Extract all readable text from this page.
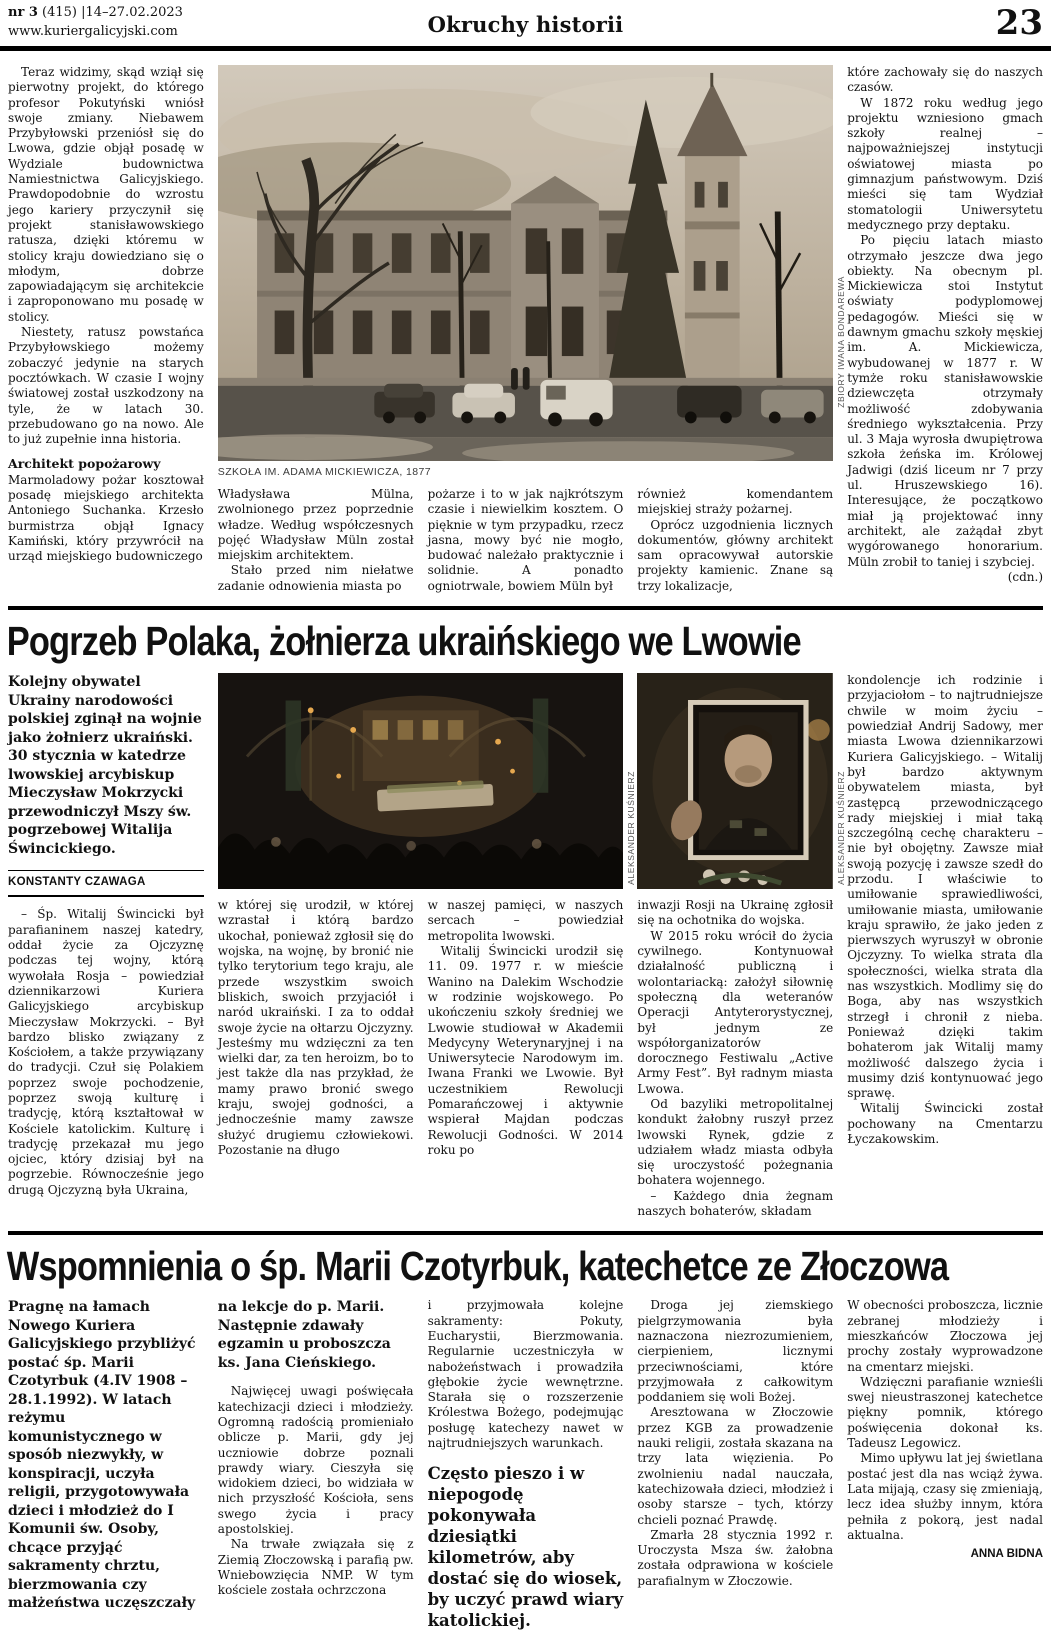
nr 3 (415) |14–27.02.2023
www.kuriergalicyjski.com	Okruchy historii	23

Teraz widzimy, skąd wziął się pierwotny projekt, do którego profesor Pokutyński wniósł swoje zmiany. Niebawem Przybyłowski przeniósł się do Lwowa, gdzie objął posadę w Wydziale budownictwa Namiestnictwa Galicyjskiego. Prawdopodobnie do wzrostu jego kariery przyczynił się projekt stanisławowskiego ratusza, dzięki któremu w stolicy kraju dowiedziano się o młodym, dobrze zapowiadającym się architekcie i zaproponowano mu posadę w stolicy.

Niestety, ratusz powstańca Przybyłowskiego możemy zobaczyć jedynie na starych pocztówkach. W czasie I wojny światowej został uszkodzony na tyle, że w latach 30. przebudowano go na nowo. Ale to już zupełnie inna historia.

Architekt popożarowy

Marmoladowy pożar kosztował posadę miejskiego architekta Antoniego Suchanka. Krzesło burmistrza objął Ignacy Kamiński, który przywrócił na urząd miejskiego budowniczego

ZBIORY IWANA BONDAREWA
SZKOŁA IM. ADAMA MICKIEWICZA, 1877

Władysława Mülna, zwolnionego przez poprzednie władze. Według współczesnych pojęć Władysław Müln został miejskim architektem.

Stało przed nim niełatwe zadanie odnowienia miasta po

pożarze i to w jak najkrótszym czasie i niewielkim kosztem. O pięknie w tym przypadku, rzecz jasna, mowy być nie mogło, budować należało praktycznie i solidnie. A ponadto ogniotrwale, bowiem Müln był

również komendantem miejskiej straży pożarnej.

Oprócz uzgodnienia licznych dokumentów, główny architekt sam opracowywał autorskie projekty kamienic. Znane są trzy lokalizacje,

które zachowały się do naszych czasów.

W 1872 roku według jego projektu wzniesiono gmach szkoły realnej – najpoważniejszej instytucji oświatowej miasta po gimnazjum państwowym. Dziś mieści się tam Wydział stomatologii Uniwersytetu medycznego przy deptaku.

Po pięciu latach miasto otrzymało jeszcze dwa jego obiekty. Na obecnym pl. Mickiewicza stoi Instytut oświaty podyplomowej pedagogów. Mieści się w dawnym gmachu szkoły męskiej im. A. Mickiewicza, wybudowanej w 1877 r. W tymże roku stanisławowskie dziewczęta otrzymały możliwość zdobywania średniego wykształcenia. Przy ul. 3 Maja wyrosła dwupiętrowa szkoła żeńska im. Królowej Jadwigi (dziś liceum nr 7 przy ul. Hruszewskiego 16). Interesujące, że początkowo miał ją projektować inny architekt, ale zażądał zbyt wygórowanego honorarium. Müln zrobił to taniej i szybciej.

(cdn.)

Pogrzeb Polaka, żołnierza ukraińskiego we Lwowie

Kolejny obywatel Ukrainy narodowości polskiej zginął na wojnie jako żołnierz ukraiński. 30 stycznia w katedrze lwowskiej arcybiskup Mieczysław Mokrzycki przewodniczył Mszy św. pogrzebowej Witalija Świncickiego.

KONSTANTY CZAWAGA

– Śp. Witalij Świncicki był parafianinem naszej katedry, oddał życie za Ojczyznę podczas tej wojny, którą wywołała Rosja – powiedział dziennikarzowi Kuriera Galicyjskiego arcybiskup Mieczysław Mokrzycki. – Był bardzo blisko związany z Kościołem, a także przywiązany do tradycji. Czuł się Polakiem poprzez swoje pochodzenie, poprzez swoją kulturę i tradycję, którą kształtował w Kościele katolickim. Kulturę i tradycję przekazał mu jego ojciec, który dzisiaj był na pogrzebie. Równocześnie jego drugą Ojczyzną była Ukraina,

ALEKSANDER KUŚNIERZ	ALEKSANDER KUŚNIERZ

w której się urodził, w której wzrastał i którą bardzo ukochał, ponieważ zgłosił się do wojska, na wojnę, by bronić nie tylko terytorium tego kraju, ale przede wszystkim swoich bliskich, swoich przyjaciół i naród ukraiński. I za to oddał swoje życie na ołtarzu Ojczyzny. Jesteśmy mu wdzięczni za ten wielki dar, za ten heroizm, bo to jest także dla nas przykład, że mamy prawo bronić swego kraju, swojej godności, a jednocześnie mamy zawsze służyć drugiemu człowiekowi. Pozostanie na długo

w naszej pamięci, w naszych sercach – powiedział metropolita lwowski.

Witalij Świncicki urodził się 11. 09. 1977 r. w mieście Wanino na Dalekim Wschodzie w rodzinie wojskowego. Po ukończeniu szkoły średniej we Lwowie studiował w Akademii Medycyny Weterynaryjnej i na Uniwersytecie Narodowym im. Iwana Franki we Lwowie. Był uczestnikiem Rewolucji Pomarańczowej i aktywnie wspierał Majdan podczas Rewolucji Godności. W 2014 roku po

inwazji Rosji na Ukrainę zgłosił się na ochotnika do wojska.

W 2015 roku wrócił do życia cywilnego. Kontynuował działalność publiczną i wolontariacką: założył siłownię społeczną dla weteranów Operacji Antyterorystycznej, był jednym ze współorganizatorów dorocznego Festiwalu „Active Army Fest”. Był radnym miasta Lwowa.

Od bazyliki metropolitalnej kondukt żałobny ruszył przez lwowski Rynek, gdzie z udziałem władz miasta odbyła się uroczystość pożegnania bohatera wojennego.

– Każdego dnia żegnam naszych bohaterów, składam

kondolencje ich rodzinie i przyjaciołom – to najtrudniejsze chwile w moim życiu – powiedział Andrij Sadowy, mer miasta Lwowa dziennikarzowi Kuriera Galicyjskiego. – Witalij był bardzo aktywnym obywatelem miasta, był zastępcą przewodniczącego rady miejskiej i miał taką szczególną cechę charakteru – nie był obojętny. Zawsze miał swoją pozycję i zawsze szedł do przodu. I właściwie to umiłowanie sprawiedliwości, umiłowanie miasta, umiłowanie kraju sprawiło, że jako jeden z pierwszych wyruszył w obronie Ojczyzny. To wielka strata dla społeczności, wielka strata dla nas wszystkich. Modlimy się do Boga, aby nas wszystkich strzegł i chronił z nieba. Ponieważ dzięki takim bohaterom jak Witalij mamy możliwość dalszego życia i musimy dziś kontynuować jego sprawę.

Witalij Świncicki został pochowany na Cmentarzu Łyczakowskim.

Wspomnienia o śp. Marii Czotyrbuk, katechetce ze Złoczowa

Pragnę na łamach Nowego Kuriera Galicyjskiego przybliżyć postać śp. Marii Czotyrbuk (4.IV 1908 – 28.1.1992). W latach reżymu komunistycznego w sposób niezwykły, w konspiracji, uczyła religii, przygotowywała dzieci i młodzież do I Komunii św. Osoby, chcące przyjąć sakramenty chrztu, bierzmowania czy małżeństwa uczęszczały

na lekcje do p. Marii. Następnie zdawały egzamin u proboszcza ks. Jana Cieńskiego.

Najwięcej uwagi poświęcała katechizacji dzieci i młodzieży. Ogromną radością promieniało oblicze p. Marii, gdy jej uczniowie dobrze poznali prawdy wiary. Cieszyła się widokiem dzieci, bo widziała w nich przyszłość Kościoła, sens swego życia i pracy apostolskiej.

Na trwałe związała się z Ziemią Złoczowską i parafią pw. Wniebowzięcia NMP. W tym kościele została ochrzczona

i przyjmowała kolejne sakramenty: Pokuty, Eucharystii, Bierzmowania. Regularnie uczestniczyła w nabożeństwach i prowadziła głębokie życie wewnętrzne. Starała się o rozszerzenie Królestwa Bożego, podejmując posługę katechezy nawet w najtrudniejszych warunkach.

Często pieszo i w niepogodę pokonywała dziesiątki kilometrów, aby dostać się do wiosek, by uczyć prawd wiary katolickiej.

Droga jej ziemskiego pielgrzymowania była naznaczona niezrozumieniem, cierpieniem, licznymi przeciwnościami, które przyjmowała z całkowitym poddaniem się woli Bożej.

Aresztowana w Złoczowie przez KGB za prowadzenie nauki religii, została skazana na trzy lata więzienia. Po zwolnieniu nadal nauczała, katechizowała dzieci, młodzież i osoby starsze – tych, którzy chcieli poznać Prawdę.

Zmarła 28 stycznia 1992 r. Uroczysta Msza św. żałobna została odprawiona w kościele parafialnym w Złoczowie.

W obecności proboszcza, licznie zebranej młodzieży i mieszkańców Złoczowa jej prochy zostały wyprowadzone na cmentarz miejski.

Wdzięczni parafianie wznieśli swej nieustraszonej katechetce piękny pomnik, którego poświęcenia dokonał ks. Tadeusz Legowicz.

Mimo upływu lat jej świetlana postać jest dla nas wciąż żywa. Lata mijają, czasy się zmieniają, lecz idea służby innym, która pełniła z pokorą, jest nadal aktualna.

ANNA BIDNA
